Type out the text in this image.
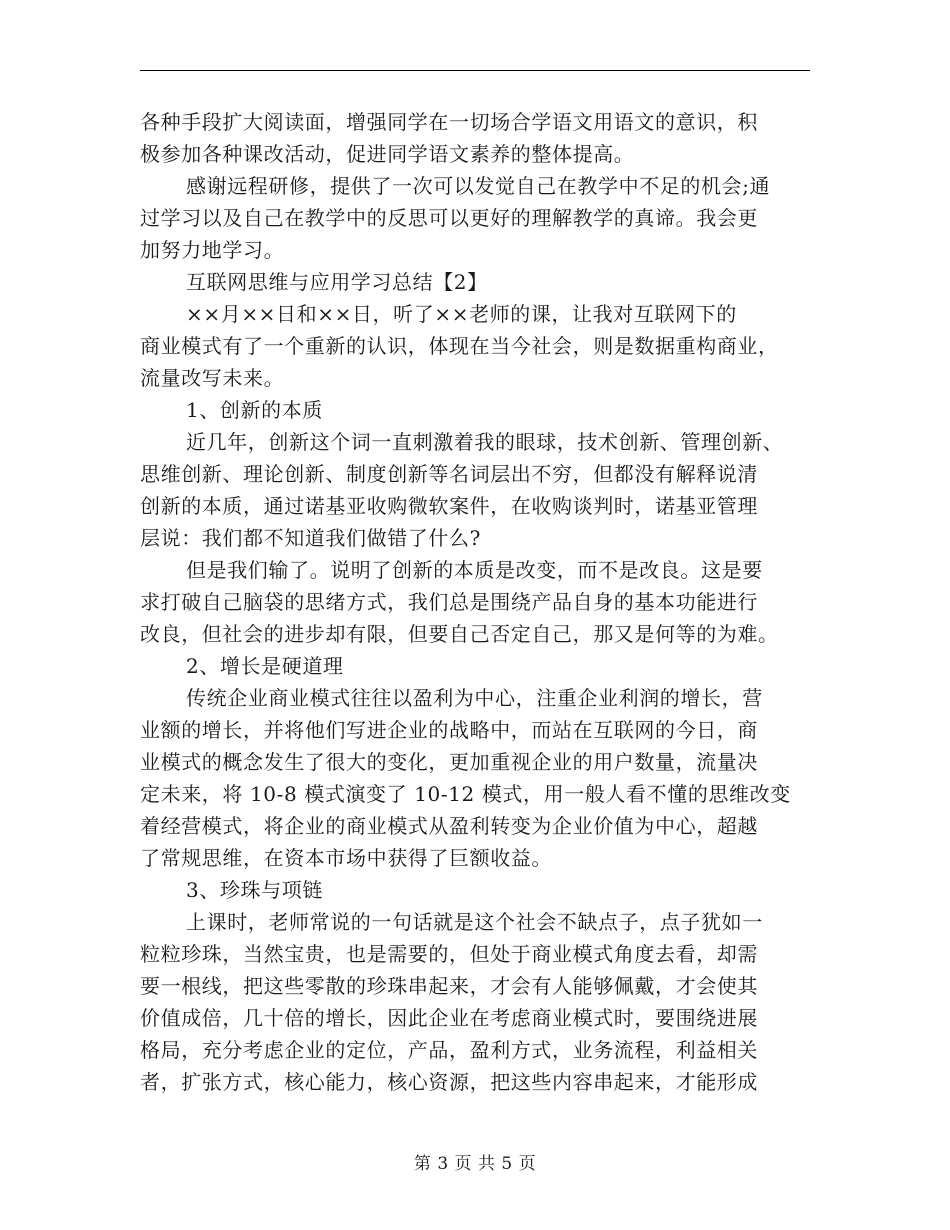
各种手段扩大阅读面，增强同学在一切场合学语文用语文的意识，积
极参加各种课改活动，促进同学语文素养的整体提高。
感谢远程研修，提供了一次可以发觉自己在教学中不足的机会;通
过学习以及自己在教学中的反思可以更好的理解教学的真谛。我会更
加努力地学习。
互联网思维与应用学习总结【2】
××月××日和××日，听了××老师的课，让我对互联网下的
商业模式有了一个重新的认识，体现在当今社会，则是数据重构商业，
流量改写未来。
1、创新的本质
近几年，创新这个词一直刺激着我的眼球，技术创新、管理创新、
思维创新、理论创新、制度创新等名词层出不穷，但都没有解释说清
创新的本质，通过诺基亚收购微软案件，在收购谈判时，诺基亚管理
层说：我们都不知道我们做错了什么?
但是我们输了。说明了创新的本质是改变，而不是改良。这是要
求打破自己脑袋的思绪方式，我们总是围绕产品自身的基本功能进行
改良，但社会的进步却有限，但要自己否定自己，那又是何等的为难。
2、增长是硬道理
传统企业商业模式往往以盈利为中心，注重企业利润的增长，营
业额的增长，并将他们写进企业的战略中，而站在互联网的今日，商
业模式的概念发生了很大的变化，更加重视企业的用户数量，流量决
定未来，将 10-8 模式演变了 10-12 模式，用一般人看不懂的思维改变
着经营模式，将企业的商业模式从盈利转变为企业价值为中心，超越
了常规思维，在资本市场中获得了巨额收益。
3、珍珠与项链
上课时，老师常说的一句话就是这个社会不缺点子，点子犹如一
粒粒珍珠，当然宝贵，也是需要的，但处于商业模式角度去看，却需
要一根线，把这些零散的珍珠串起来，才会有人能够佩戴，才会使其
价值成倍，几十倍的增长，因此企业在考虑商业模式时，要围绕进展
格局，充分考虑企业的定位，产品，盈利方式，业务流程，利益相关
者，扩张方式，核心能力，核心资源，把这些内容串起来，才能形成
第 3 页 共 5 页
